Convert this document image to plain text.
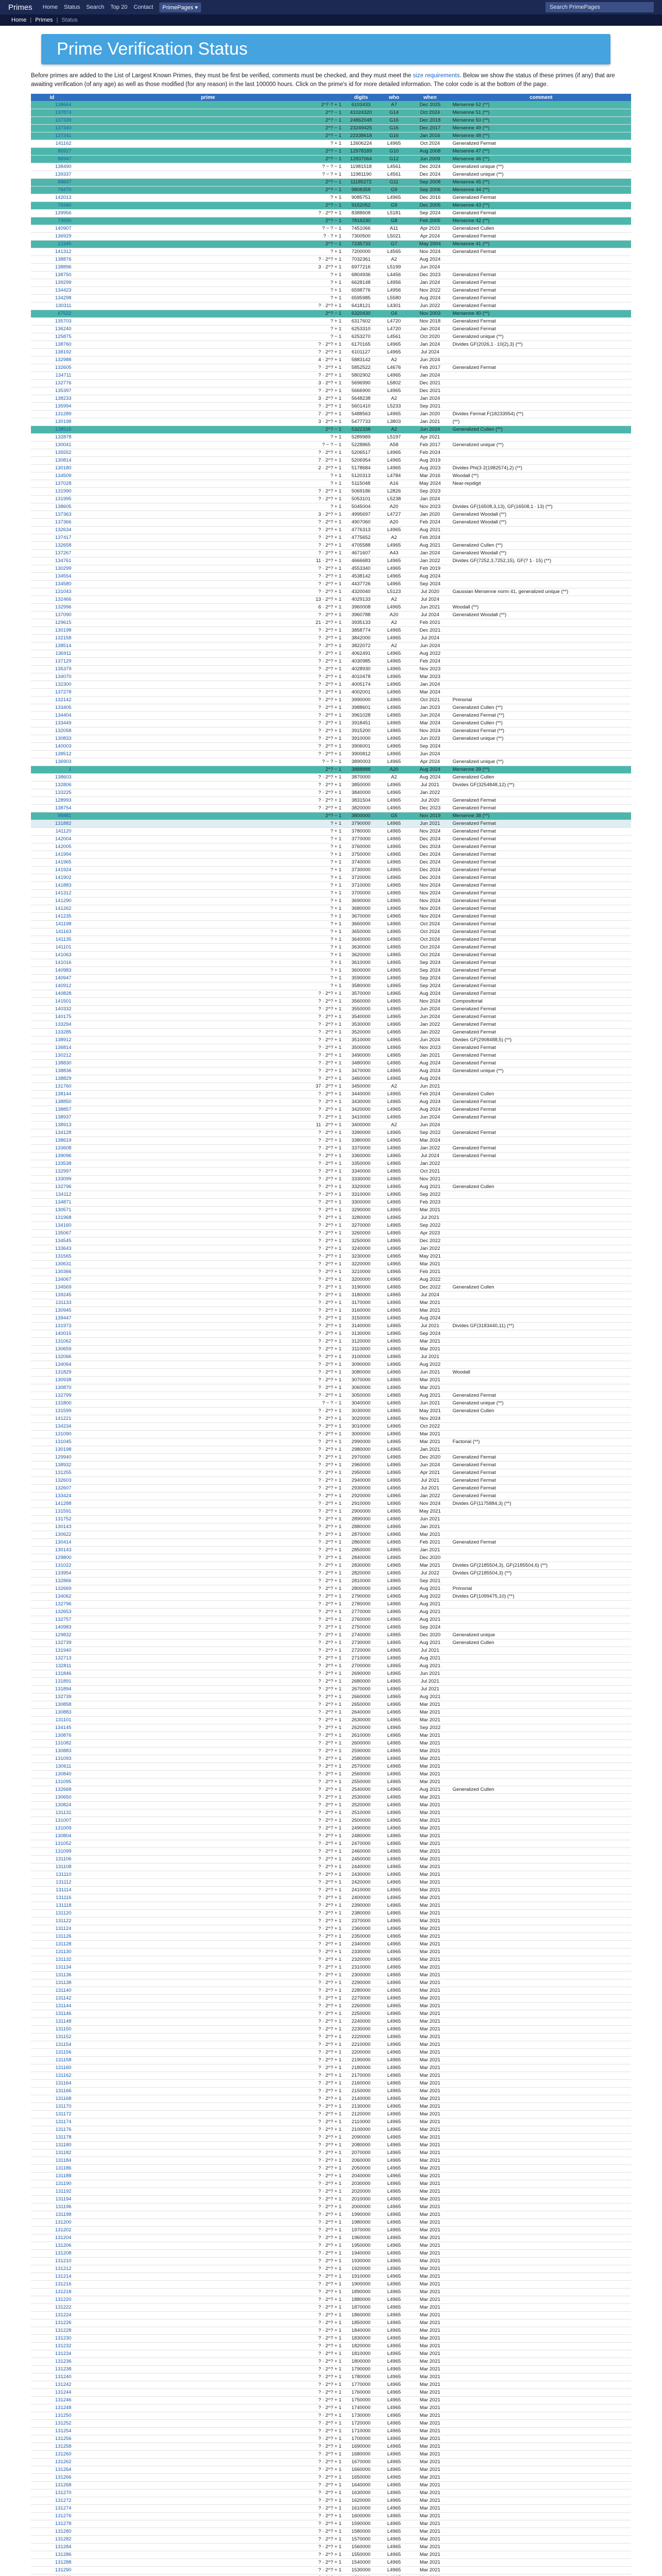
Primes Home Status Search Top 20 Contact	PrimePages ▾
Search PrimePages
Home | Primes | Status
Prime Verification Status

Before primes are added to the List of Largest Known Primes, they must be first be verified, comments must be checked, and they must meet the size requirements. Below we show the status of these primes (if any) that are awaiting verification (of any age) as well as those modified (for any reason) in the last 100000 hours. Click on the prime's id for more detailed information. The color code is at the bottom of the page.

id	prime	digits	who	when	comment
138664	2^7·? + 1	6103433	A7	Dec 2025	Mersenne 52 (**)
137874	2^? − 1	41024320	G14	Oct 2024	Mersenne 51 (**)
137339	2^? − 1	24862048	G16	Dec 2018	Mersenne 50 (**)
137340	2^? − 1	23249425	G16	Dec 2017	Mersenne 49 (**)
137341	2^? − 1	22338618	G16	Jan 2016	Mersenne 48 (**)
141162	? + 1	12606224	L4965	Oct 2024	Generalized Fermat
86927	2^? − 1	12978189	G10	Aug 2008	Mersenne 47 (**)
86947	2^? − 1	12837064	G12	Jun 2009	Mersenne 46 (**)
138490	? − ? − 1	11981518	L4561	Dec 2024	Generalized unique (**)
139337	? − ? + 1	11981190	L4561	Dec 2024	Generalized unique (**)
88847	2^? − 1	11185272	G11	Sep 2008	Mersenne 45 (**)
76470	2^? − 1	9808358	G9	Sep 2006	Mersenne 44 (**)
142013	? + 1	9085751	L4965	Dec 2016	Generalized Fermat
76340	2^? − 1	9152052	G9	Dec 2005	Mersenne 43 (**)
139956	? · 2^? + 1	8388608	L5181	Sep 2024	Generalized Fermat
73930	2^? − 1	7816230	G8	Feb 2005	Mersenne 42 (**)
140907	? − ? − 1	7451066	A11	Apr 2023	Generalized Cullen
136929	? · ? + 1	7300500	L5021	Apr 2024	Generalized Fermat
12345	2^? − 1	7235733	G7	May 2004	Mersenne 41 (**)
141312	? + 1	7200000	L4565	Nov 2024	Generalized Fermat
138876	? · 2^? + 1	7032361	A2	Aug 2024	
138896	3 · 2^? + 1	6977216	L5199	Jun 2024	
138750	? + 1	6804936	L4456	Dec 2023	Generalized Fermat
139299	? + 1	6628148	L4956	Jan 2024	Generalized Fermat
134423	? + 1	6598776	L4956	Nov 2022	Generalized Fermat
134298	? + 1	6595985	L5580	Aug 2024	Generalized Fermat
130311	? · 2^? + 1	6418121	L4301	Jun 2022	Generalized Fermat
67522	2^? − 1	6320430	G6	Nov 2003	Mersenne 40 (**)
135703	? + 1	6317602	L4720	Nov 2018	Generalized Fermat
136240	? + 1	6253310	L4720	Jan 2024	Generalized Fermat
125875	? − 1	6253270	L4561	Oct 2020	Generalized unique (**)
138760	? · 2^? + 1	6170165	L4965	Jan 2024	Divides GF(2026,1 · 10(2),3) (**)
138192	? · 2^? + 1	6101127	L4965	Jul 2024	
132988	4 · 2^? + 1	5883142	A2	Jun 2024	
132605	? · 2^? + 1	5852522	L4676	Feb 2017	Generalized Fermat
134711	? · 2^? + 1	5802902	L4965	Jan 2024	
132776	3 · 2^? + 1	5696990	L5802	Dec 2021	
135397	? · 2^? + 1	5666900	L4965	Dec 2021	
138233	3 · 2^? + 1	5648238	A2	Jan 2024	
135994	? · 2^? + 1	5601410	L5233	Sep 2021	
131289	7 · 2^? + 1	5488563	L4965	Jan 2020	Divides Fermat F(18233954) (**)
130198	3 · 2^? + 1	5477733	L3803	Jan 2021	(**)
138515	2^? − 1	5322338	A2	Jun 2024	Generalized Cullen (**)
132878	? + 1	5289989	L5197	Apr 2021	
130041	? − ? − 1	5228865	A58	Feb 2017	Generalized unique (**)
135552	? · 2^? + 1	5206517	L4965	Feb 2024	
130814	7 · 2^? + 1	5206954	L4965	Aug 2019	
130180	2 · 2^? + 1	5178684	L4965	Aug 2023	Divides Phi(3·2(1982574),2) (**)
134509	? + 1	5120313	L4784	Mar 2016	Woodall (**)
137028	? + 1	5115048	A16	May 2024	Near-repdigit
131990	? · 2^? + 1	5069186	L2826	Sep 2023	
131995	? · 2^? + 1	5053101	L5238	Jan 2024	
138605	? + 1	5045004	A20	Nov 2023	Divides GF(16508,3,13), GF(16508,1 · 13) (**)
137363	3 · 2^? + 1	4995697	L4727	Jan 2020	Generalized Woodall (**)
137366	? · 2^? + 1	4907060	A20	Feb 2024	Generalized Woodall (**)
132634	? · 2^? + 1	4776313	L4965	Aug 2021	
137417	? · 2^? + 1	4775652	A2	Feb 2024	
132658	? · 2^? + 1	4705588	L4965	Aug 2021	Generalized Cullen (**)
137267	? · 2^? + 1	4671607	A43	Jan 2024	Generalized Woodall (**)
134761	11 · 2^? + 1	4666683	L4965	Jan 2022	Divides GF(7252,3,7252,15), GF(? 1 · 15) (**)
130299	? · 2^? + 1	4553340	L4965	Feb 2019	
134554	? · 2^? + 1	4538142	L4965	Aug 2024	
134580	? · 2^? + 1	4437726	L4965	Sep 2024	
131043	? · 2^? + 1	4320040	L5123	Jul 2020	Gaussian Mersenne norm 41, generalized unique (**)
132466	13 · 2^? + 1	4029133	A2	Jul 2024	
132996	6 · 2^? + 1	3960008	L4965	Jun 2021	Woodall (**)
137090	? · 2^? + 1	3960788	A20	Jul 2024	Generalized Woodall (**)
129615	21 · 2^? + 1	3935133	A2	Feb 2021	
130198	? · 2^? + 1	3858774	L4965	Dec 2021	
132158	? · 2^? + 1	3842000	L4965	Jul 2024	
138514	? · 2^? + 1	3822072	A2	Jun 2024	
136911	? · 2^? + 1	4062491	L4965	Aug 2022	
137129	? · 2^? + 1	4030985	L4965	Feb 2024	
135379	? · 2^? + 1	4028930	L4965	Nov 2023	
134070	? · 2^? + 1	4010478	L4965	Mar 2023	
132300	? · 2^? + 1	4005174	L4965	Jan 2024	
137278	? · 2^? + 1	4002001	L4965	Mar 2024	
132142	? · 2^? + 1	3990000	L4965	Oct 2021	Primorial
133405	? · 2^? + 1	3988601	L4965	Jan 2023	Generalized Cullen (**)
134404	? · 2^? + 1	3961028	L4965	Jun 2024	Generalized Fermat (**)
133449	? · 2^? + 1	3918451	L4965	Mar 2024	Generalized Cullen (**)
132058	? · 2^? + 1	3915200	L4965	Nov 2024	Generalized Fermat (**)
130833	? · 2^? + 1	3910000	L4965	Jun 2023	Generalized unique (**)
140003	? · 2^? + 1	3906001	L4965	Sep 2024	
138512	? · 2^? + 1	3900812	L4965	Jun 2024	
136903	? − ? − 1	3890003	L4965	Apr 2024	Generalized unique (**)
1	2^? − 1	3888888	A20	Aug 2024	Mersenne 39 (**)
138603	? · 2^? + 1	3870000	A2	Aug 2024	Generalized Cullen
132806	? · 2^? + 1	3850000	L4965	Jul 2021	Divides GF(3254848,12) (**)
133225	? · 2^? + 1	3840000	L4965	Jan 2022	
128993	? · 2^? + 1	3831504	L4965	Jul 2020	Generalized Fermat
138754	? · 2^? + 1	3820000	L4965	Dec 2023	Generalized Fermat
95881	2^? − 1	3800000	G5	Nov 2019	Mersenne 38 (**)
131882	? + 1	3790000	L4965	Jun 2021	Generalized Fermat
141120	? + 1	3780000	L4965	Nov 2024	Generalized Fermat
142004	? + 1	3770000	L4965	Dec 2024	Generalized Fermat
142005	? + 1	3760000	L4965	Dec 2024	Generalized Fermat
141994	? + 1	3750000	L4965	Dec 2024	Generalized Fermat
141965	? + 1	3740000	L4965	Dec 2024	Generalized Fermat
141924	? + 1	3730000	L4965	Dec 2024	Generalized Fermat
141902	? + 1	3720000	L4965	Dec 2024	Generalized Fermat
141883	? + 1	3710000	L4965	Nov 2024	Generalized Fermat
141312	? + 1	3700000	L4965	Nov 2024	Generalized Fermat
141290	? + 1	3690000	L4965	Nov 2024	Generalized Fermat
141262	? + 1	3680000	L4965	Nov 2024	Generalized Fermat
141235	? + 1	3670000	L4965	Nov 2024	Generalized Fermat
141198	? + 1	3660000	L4965	Oct 2024	Generalized Fermat
141163	? + 1	3650000	L4965	Oct 2024	Generalized Fermat
141135	? + 1	3640000	L4965	Oct 2024	Generalized Fermat
141101	? + 1	3630000	L4965	Oct 2024	Generalized Fermat
141063	? + 1	3620000	L4965	Oct 2024	Generalized Fermat
141016	? + 1	3610000	L4965	Sep 2024	Generalized Fermat
140983	? + 1	3600000	L4965	Sep 2024	Generalized Fermat
140947	? + 1	3590000	L4965	Sep 2024	Generalized Fermat
140912	? + 1	3580000	L4965	Sep 2024	Generalized Fermat
140828	? · 2^? + 1	3570000	L4965	Aug 2024	Generalized Fermat
141501	? · 2^? + 1	3560000	L4965	Nov 2024	Compositorial
140332	? · 2^? + 1	3550000	L4965	Jun 2024	Generalized Fermat
140175	? · 2^? + 1	3540000	L4965	Jun 2024	Generalized Fermat
133294	? · 2^? + 1	3530000	L4965	Jan 2022	Generalized Fermat
133285	? · 2^? + 1	3520000	L4965	Jan 2022	Generalized Fermat
138912	? · 2^? + 1	3510000	L4965	Jun 2024	Divides GF(2908488,5) (**)
136814	? · 2^? + 1	3500000	L4965	Nov 2023	Generalized Fermat
130212	? · 2^? + 1	3490000	L4965	Jan 2021	Generalized Fermat
138830	? · 2^? + 1	3480000	L4965	Aug 2024	Generalized Fermat
138836	? · 2^? + 1	3470000	L4965	Aug 2024	Generalized unique (**)
138829	? · 2^? + 1	3460000	L4965	Aug 2024	
131760	37 · 2^? + 1	3450000	A2	Jun 2021	
138144	? · 2^? + 1	3440000	L4965	Feb 2024	Generalized Cullen
138850	? · 2^? + 1	3430000	L4965	Aug 2024	Generalized Fermat
138857	? · 2^? + 1	3420000	L4965	Aug 2024	Generalized Fermat
138937	? · 2^? + 1	3410000	L4965	Jun 2024	Generalized Fermat
138913	11 · 2^? + 1	3400000	A2	Jun 2024	
134128	? · 2^? + 1	3390000	L4965	Sep 2022	Generalized Fermat
138619	? · 2^? + 1	3380000	L4965	Mar 2024	
133608	? · 2^? + 1	3370000	L4965	Jan 2022	Generalized Fermat
139096	? · 2^? + 1	3360000	L4965	Jul 2024	Generalized Fermat
133538	? · 2^? + 1	3350000	L4965	Jan 2022	
132997	? · 2^? + 1	3340000	L4965	Oct 2021	
133099	? · 2^? + 1	3330000	L4965	Nov 2021	
132796	? · 2^? + 1	3320000	L4965	Aug 2021	Generalized Cullen
134112	? · 2^? + 1	3310000	L4965	Sep 2022	
134871	? · 2^? + 1	3300000	L4965	Feb 2023	
130571	? · 2^? + 1	3290000	L4965	Mar 2021	
131968	? · 2^? + 1	3280000	L4965	Jul 2021	
134160	? · 2^? + 1	3270000	L4965	Sep 2022	
135067	? · 2^? + 1	3260000	L4965	Apr 2023	
134545	? · 2^? + 1	3250000	L4965	Dec 2022	
133643	? · 2^? + 1	3240000	L4965	Jan 2022	
131565	? · 2^? + 1	3230000	L4965	May 2021	
130631	? · 2^? + 1	3220000	L4965	Mar 2021	
130366	? · 2^? + 1	3210000	L4965	Feb 2021	
134067	? · 2^? + 1	3200000	L4965	Aug 2022	
134569	? · 2^? + 1	3190000	L4965	Dec 2022	Generalized Cullen
139245	? · 2^? + 1	3180000	L4965	Jul 2024	
131133	? · 2^? + 1	3170000	L4965	Mar 2021	
130945	? · 2^? + 1	3160000	L4965	Mar 2021	
139447	? · 2^? + 1	3150000	L4965	Aug 2024	
131973	? · 2^? + 1	3140000	L4965	Jul 2021	Divides GF(3183440,11) (**)
140015	? · 2^? + 1	3130000	L4965	Sep 2024	
131062	? · 2^? + 1	3120000	L4965	Mar 2021	
130659	? · 2^? + 1	3110000	L4965	Mar 2021	
132066	? · 2^? + 1	3100000	L4965	Jul 2021	
134064	? · 2^? + 1	3090000	L4965	Aug 2022	
131829	? · 2^? + 1	3080000	L4965	Jun 2021	Woodall
130938	? · 2^? + 1	3070000	L4965	Mar 2021	
130870	? · 2^? + 1	3060000	L4965	Mar 2021	
132799	? · 2^? + 1	3050000	L4965	Aug 2021	Generalized Fermat
131800	? − ? − 1	3040000	L4965	Jun 2021	Generalized unique (**)
131599	? · 2^? + 1	3030000	L4965	May 2021	Generalized Cullen
141221	? · 2^? + 1	3020000	L4965	Nov 2024	
134234	? · 2^? + 1	3010000	L4965	Oct 2022	
131090	? · 2^? + 1	3000000	L4965	Mar 2021	
131045	? · 2^? + 1	2990000	L4965	Mar 2021	Factorial (**)
130198	? · 2^? + 1	2980000	L4965	Jan 2021	
129940	? · 2^? + 1	2970000	L4965	Dec 2020	Generalized Fermat
138932	? · 2^? + 1	2960000	L4965	Jun 2024	Generalized Fermat
131255	? · 2^? + 1	2950000	L4965	Apr 2021	Generalized Fermat
132603	? · 2^? + 1	2940000	L4965	Jul 2021	Generalized Fermat
132607	? · 2^? + 1	2930000	L4965	Jul 2021	Generalized Fermat
133424	? · 2^? + 1	2920000	L4965	Jan 2022	Generalized Fermat
141288	? · 2^? + 1	2910000	L4965	Nov 2024	Divides GF(1175884,3) (**)
131591	? · 2^? + 1	2900000	L4965	May 2021	
131752	? · 2^? + 1	2890000	L4965	Jun 2021	
130143	? · 2^? + 1	2880000	L4965	Jan 2021	
130622	? · 2^? + 1	2870000	L4965	Mar 2021	
130414	? · 2^? + 1	2860000	L4965	Feb 2021	Generalized Fermat
130143	? · 2^? + 1	2850000	L4965	Jan 2021	
129800	? · 2^? + 1	2840000	L4965	Dec 2020	
131022	? · 2^? + 1	2830000	L4965	Mar 2021	Divides GF(2185504,3), GF(2185504,6) (**)
133954	? · 2^? + 1	2820000	L4965	Jul 2022	Divides GF(2185504,3) (**)
132866	? · 2^? + 1	2810000	L4965	Sep 2021	
132669	? · 2^? + 1	2800000	L4965	Aug 2021	Primorial
134062	? · 2^? + 1	2790000	L4965	Aug 2022	Divides GF(1099475,10) (**)
132796	? · 2^? + 1	2780000	L4965	Aug 2021	
132653	? · 2^? + 1	2770000	L4965	Aug 2021	
132757	? · 2^? + 1	2760000	L4965	Aug 2021	
140983	? · 2^? + 1	2750000	L4965	Sep 2024	
129832	? · 2^? + 1	2740000	L4965	Dec 2020	Generalized unique
132739	? · 2^? + 1	2730000	L4965	Aug 2021	Generalized Cullen
131940	? · 2^? + 1	2720000	L4965	Jul 2021	
132713	? · 2^? + 1	2710000	L4965	Aug 2021	
132811	? · 2^? + 1	2700000	L4965	Aug 2021	
131846	? · 2^? + 1	2690000	L4965	Jun 2021	
131891	? · 2^? + 1	2680000	L4965	Jul 2021	
131894	? · 2^? + 1	2670000	L4965	Jul 2021	
132739	? · 2^? + 1	2660000	L4965	Aug 2021	
130858	? · 2^? + 1	2650000	L4965	Mar 2021	
130883	? · 2^? + 1	2640000	L4965	Mar 2021	
131101	? · 2^? + 1	2630000	L4965	Mar 2021	
134145	? · 2^? + 1	2620000	L4965	Sep 2022	
130876	? · 2^? + 1	2610000	L4965	Mar 2021	
131082	? · 2^? + 1	2600000	L4965	Mar 2021	
130883	? · 2^? + 1	2590000	L4965	Mar 2021	
131093	? · 2^? + 1	2580000	L4965	Mar 2021	
130611	? · 2^? + 1	2570000	L4965	Mar 2021	
130840	? · 2^? + 1	2560000	L4965	Mar 2021	
131095	? · 2^? + 1	2550000	L4965	Mar 2021	
132668	? · 2^? + 1	2540000	L4965	Aug 2021	Generalized Cullen
130650	? · 2^? + 1	2530000	L4965	Mar 2021	
130824	? · 2^? + 1	2520000	L4965	Mar 2021	
131131	? · 2^? + 1	2510000	L4965	Mar 2021	
131007	? · 2^? + 1	2500000	L4965	Mar 2021	
131009	? · 2^? + 1	2490000	L4965	Mar 2021	
130804	? · 2^? + 1	2480000	L4965	Mar 2021	
131052	? · 2^? + 1	2470000	L4965	Mar 2021	
131099	? · 2^? + 1	2460000	L4965	Mar 2021	
131106	? · 2^? + 1	2450000	L4965	Mar 2021	
131108	? · 2^? + 1	2440000	L4965	Mar 2021	
131110	? · 2^? + 1	2430000	L4965	Mar 2021	
131112	? · 2^? + 1	2420000	L4965	Mar 2021	
131114	? · 2^? + 1	2410000	L4965	Mar 2021	
131116	? · 2^? + 1	2400000	L4965	Mar 2021	
131118	? · 2^? + 1	2390000	L4965	Mar 2021	
131120	? · 2^? + 1	2380000	L4965	Mar 2021	
131122	? · 2^? + 1	2370000	L4965	Mar 2021	
131124	? · 2^? + 1	2360000	L4965	Mar 2021	
131126	? · 2^? + 1	2350000	L4965	Mar 2021	
131128	? · 2^? + 1	2340000	L4965	Mar 2021	
131130	? · 2^? + 1	2330000	L4965	Mar 2021	
131132	? · 2^? + 1	2320000	L4965	Mar 2021	
131134	? · 2^? + 1	2310000	L4965	Mar 2021	
131136	? · 2^? + 1	2300000	L4965	Mar 2021	
131138	? · 2^? + 1	2290000	L4965	Mar 2021	
131140	? · 2^? + 1	2280000	L4965	Mar 2021	
131142	? · 2^? + 1	2270000	L4965	Mar 2021	
131144	? · 2^? + 1	2260000	L4965	Mar 2021	
131146	? · 2^? + 1	2250000	L4965	Mar 2021	
131148	? · 2^? + 1	2240000	L4965	Mar 2021	
131150	? · 2^? + 1	2230000	L4965	Mar 2021	
131152	? · 2^? + 1	2220000	L4965	Mar 2021	
131154	? · 2^? + 1	2210000	L4965	Mar 2021	
131156	? · 2^? + 1	2200000	L4965	Mar 2021	
131158	? · 2^? + 1	2190000	L4965	Mar 2021	
131160	? · 2^? + 1	2180000	L4965	Mar 2021	
131162	? · 2^? + 1	2170000	L4965	Mar 2021	
131164	? · 2^? + 1	2160000	L4965	Mar 2021	
131166	? · 2^? + 1	2150000	L4965	Mar 2021	
131168	? · 2^? + 1	2140000	L4965	Mar 2021	
131170	? · 2^? + 1	2130000	L4965	Mar 2021	
131172	? · 2^? + 1	2120000	L4965	Mar 2021	
131174	? · 2^? + 1	2110000	L4965	Mar 2021	
131176	? · 2^? + 1	2100000	L4965	Mar 2021	
131178	? · 2^? + 1	2090000	L4965	Mar 2021	
131180	? · 2^? + 1	2080000	L4965	Mar 2021	
131182	? · 2^? + 1	2070000	L4965	Mar 2021	
131184	? · 2^? + 1	2060000	L4965	Mar 2021	
131186	? · 2^? + 1	2050000	L4965	Mar 2021	
131188	? · 2^? + 1	2040000	L4965	Mar 2021	
131190	? · 2^? + 1	2030000	L4965	Mar 2021	
131192	? · 2^? + 1	2020000	L4965	Mar 2021	
131194	? · 2^? + 1	2010000	L4965	Mar 2021	
131196	? · 2^? + 1	2000000	L4965	Mar 2021	
131198	? · 2^? + 1	1990000	L4965	Mar 2021	
131200	? · 2^? + 1	1980000	L4965	Mar 2021	
131202	? · 2^? + 1	1970000	L4965	Mar 2021	
131204	? · 2^? + 1	1960000	L4965	Mar 2021	
131206	? · 2^? + 1	1950000	L4965	Mar 2021	
131208	? · 2^? + 1	1940000	L4965	Mar 2021	
131210	? · 2^? + 1	1930000	L4965	Mar 2021	
131212	? · 2^? + 1	1920000	L4965	Mar 2021	
131214	? · 2^? + 1	1910000	L4965	Mar 2021	
131216	? · 2^? + 1	1900000	L4965	Mar 2021	
131218	? · 2^? + 1	1890000	L4965	Mar 2021	
131220	? · 2^? + 1	1880000	L4965	Mar 2021	
131222	? · 2^? + 1	1870000	L4965	Mar 2021	
131224	? · 2^? + 1	1860000	L4965	Mar 2021	
131226	? · 2^? + 1	1850000	L4965	Mar 2021	
131228	? · 2^? + 1	1840000	L4965	Mar 2021	
131230	? · 2^? + 1	1830000	L4965	Mar 2021	
131232	? · 2^? + 1	1820000	L4965	Mar 2021	
131234	? · 2^? + 1	1810000	L4965	Mar 2021	
131236	? · 2^? + 1	1800000	L4965	Mar 2021	
131238	? · 2^? + 1	1790000	L4965	Mar 2021	
131240	? · 2^? + 1	1780000	L4965	Mar 2021	
131242	? · 2^? + 1	1770000	L4965	Mar 2021	
131244	? · 2^? + 1	1760000	L4965	Mar 2021	
131246	? · 2^? + 1	1750000	L4965	Mar 2021	
131248	? · 2^? + 1	1740000	L4965	Mar 2021	
131250	? · 2^? + 1	1730000	L4965	Mar 2021	
131252	? · 2^? + 1	1720000	L4965	Mar 2021	
131254	? · 2^? + 1	1710000	L4965	Mar 2021	
131256	? · 2^? + 1	1700000	L4965	Mar 2021	
131258	? · 2^? + 1	1690000	L4965	Mar 2021	
131260	? · 2^? + 1	1680000	L4965	Mar 2021	
131262	? · 2^? + 1	1670000	L4965	Mar 2021	
131264	? · 2^? + 1	1660000	L4965	Mar 2021	
131266	? · 2^? + 1	1650000	L4965	Mar 2021	
131268	? · 2^? + 1	1640000	L4965	Mar 2021	
131270	? · 2^? + 1	1630000	L4965	Mar 2021	
131272	? · 2^? + 1	1620000	L4965	Mar 2021	
131274	? · 2^? + 1	1610000	L4965	Mar 2021	
131276	? · 2^? + 1	1600000	L4965	Mar 2021	
131278	? · 2^? + 1	1590000	L4965	Mar 2021	
131280	? · 2^? + 1	1580000	L4965	Mar 2021	
131282	? · 2^? + 1	1570000	L4965	Mar 2021	
131284	? · 2^? + 1	1560000	L4965	Mar 2021	
131286	? · 2^? + 1	1550000	L4965	Mar 2021	
131288	? · 2^? + 1	1540000	L4965	Mar 2021	
131290	? · 2^? + 1	1530000	L4965	Mar 2021	
